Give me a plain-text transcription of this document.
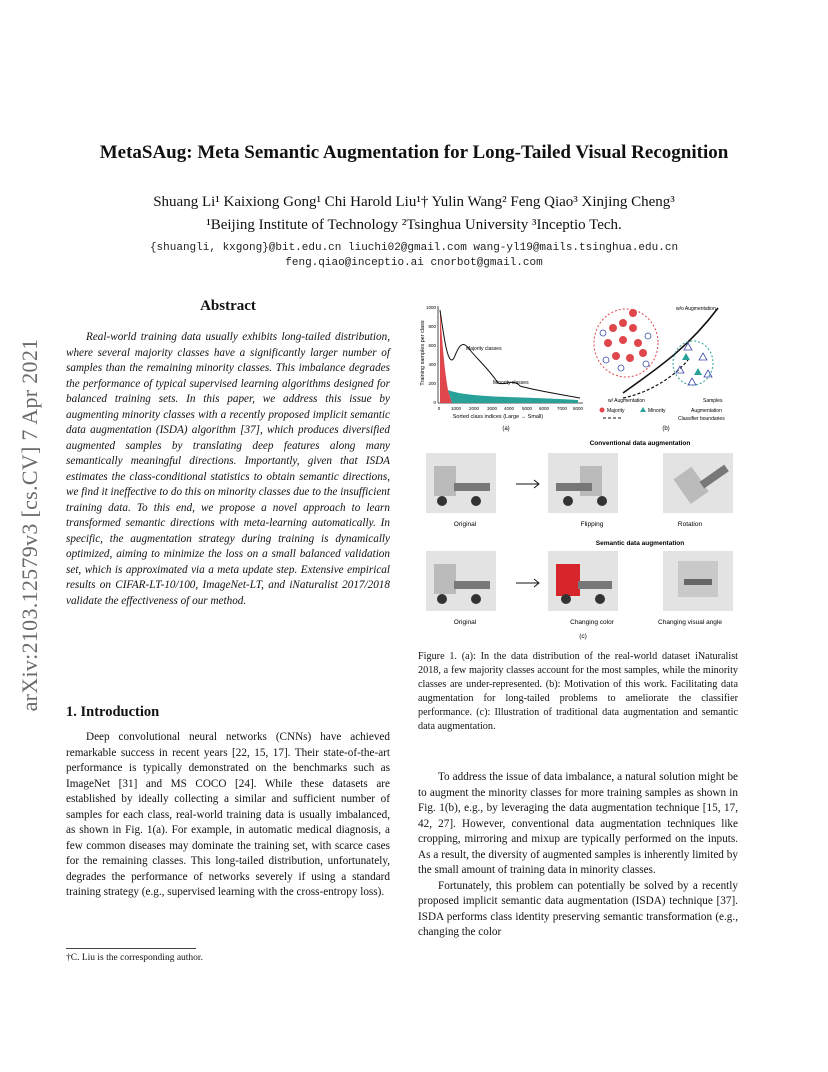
arXiv:2103.12579v3 [cs.CV] 7 Apr 2021
MetaSAug: Meta Semantic Augmentation for Long-Tailed Visual Recognition
Shuang Li¹ Kaixiong Gong¹ Chi Harold Liu¹† Yulin Wang² Feng Qiao³ Xinjing Cheng³
¹Beijing Institute of Technology ²Tsinghua University ³Inceptio Tech.
{shuangli, kxgong}@bit.edu.cn liuchi02@gmail.com wang-yl19@mails.tsinghua.edu.cn
feng.qiao@inceptio.ai cnorbot@gmail.com
Abstract
Real-world training data usually exhibits long-tailed distribution, where several majority classes have a significantly larger number of samples than the remaining minority classes. This imbalance degrades the performance of typical supervised learning algorithms designed for balanced training sets. In this paper, we address this issue by augmenting minority classes with a recently proposed implicit semantic data augmentation (ISDA) algorithm [37], which produces diversified augmented samples by translating deep features along many semantically meaningful directions. Importantly, given that ISDA estimates the class-conditional statistics to obtain semantic directions, we find it ineffective to do this on minority classes due to the insufficient training data. To this end, we propose a novel approach to learn transformed semantic directions with meta-learning automatically. In specific, the augmentation strategy during training is dynamically optimized, aiming to minimize the loss on a small balanced validation set, which is approximated via a meta update step. Extensive empirical results on CIFAR-LT-10/100, ImageNet-LT, and iNaturalist 2017/2018 validate the effectiveness of our method.
1. Introduction
Deep convolutional neural networks (CNNs) have achieved remarkable success in recent years [22, 15, 17]. Their state-of-the-art performance is typically demonstrated on the benchmarks such as ImageNet [31] and MS COCO [24]. While these datasets are established by ideally collecting a similar and sufficient number of samples for each class, real-world training data is usually imbalanced, as shown in Fig. 1(a). For example, in automatic medical diagnosis, a few common diseases may dominate the training set, with scarce cases for the remaining classes. This long-tailed distribution, unfortunately, degrades the performance of networks severely if using a standard training strategy (e.g., supervised learning with the cross-entropy loss).
†C. Liu is the corresponding author.
Training samples per class
1000
800
600
400
200
0
Majority classes
Minority classes
0 1000 2000 3000 4000 5000 6000 7000 8000
Sorted class indices (Large → Small)
(a)
w/o Augmentation
w/ Augmentation	Samples
Majority	Minority	Augmentation
Classifier boundaries
(b)
Conventional data augmentation
Original	Flipping	Rotation
Semantic data augmentation
Original	Changing color	Changing visual angle
(c)
Figure 1. (a): In the data distribution of the real-world dataset iNaturalist 2018, a few majority classes account for the most samples, while the minority classes are under-represented. (b): Motivation of this work. Facilitating data augmentation for long-tailed problems to ameliorate the classifier performance. (c): Illustration of traditional data augmentation and semantic data augmentation.

To address the issue of data imbalance, a natural solution might be to augment the minority classes for more training samples as shown in Fig. 1(b), e.g., by leveraging the data augmentation technique [15, 17, 42, 27]. However, conventional data augmentation techniques like cropping, mirroring and mixup are typically performed on the inputs. As a result, the diversity of augmented samples is inherently limited by the small amount of training data in minority classes.

Fortunately, this problem can potentially be solved by a recently proposed implicit semantic data augmentation (ISDA) technique [37]. ISDA performs class identity preserving semantic transformation (e.g., changing the color
